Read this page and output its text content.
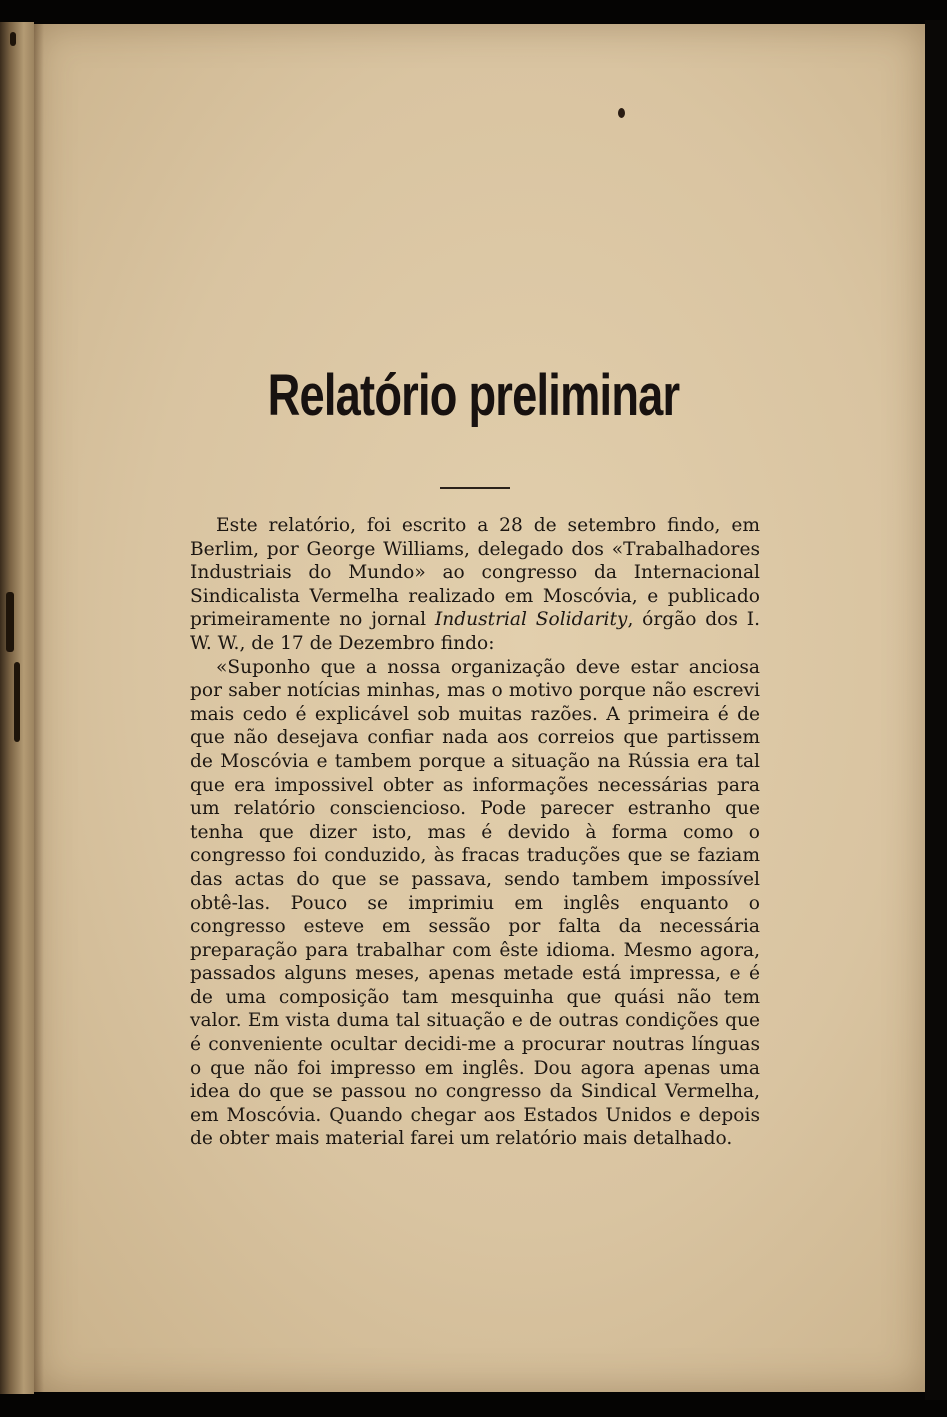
Relatório preliminar

Este relatório, foi escrito a 28 de setembro findo, em Berlim, por George Williams, delegado dos «Trabalhadores Industriais do Mundo» ao congresso da Internacional Sindicalista Vermelha realizado em Moscóvia, e publicado primeiramente no jornal Industrial Solidarity, órgão dos I. W. W., de 17 de Dezembro findo:

«Suponho que a nossa organização deve estar anciosa por saber notícias minhas, mas o motivo porque não escrevi mais cedo é explicável sob muitas razões. A primeira é de que não desejava confiar nada aos correios que partissem de Moscóvia e tambem porque a situação na Rússia era tal que era impossivel obter as informações necessárias para um relatório consciencioso. Pode parecer estranho que tenha que dizer isto, mas é devido à forma como o congresso foi conduzido, às fracas traduções que se faziam das actas do que se passava, sendo tambem impossível obtê-las. Pouco se imprimiu em inglês enquanto o congresso esteve em sessão por falta da necessária preparação para trabalhar com êste idioma. Mesmo agora, passados alguns meses, apenas metade está impressa, e é de uma composição tam mesquinha que quási não tem valor. Em vista duma tal situação e de outras condições que é conveniente ocultar decidi-me a procurar noutras línguas o que não foi impresso em inglês. Dou agora apenas uma idea do que se passou no congresso da Sindical Vermelha, em Moscóvia. Quando chegar aos Estados Unidos e depois de obter mais material farei um relatório mais detalhado.
